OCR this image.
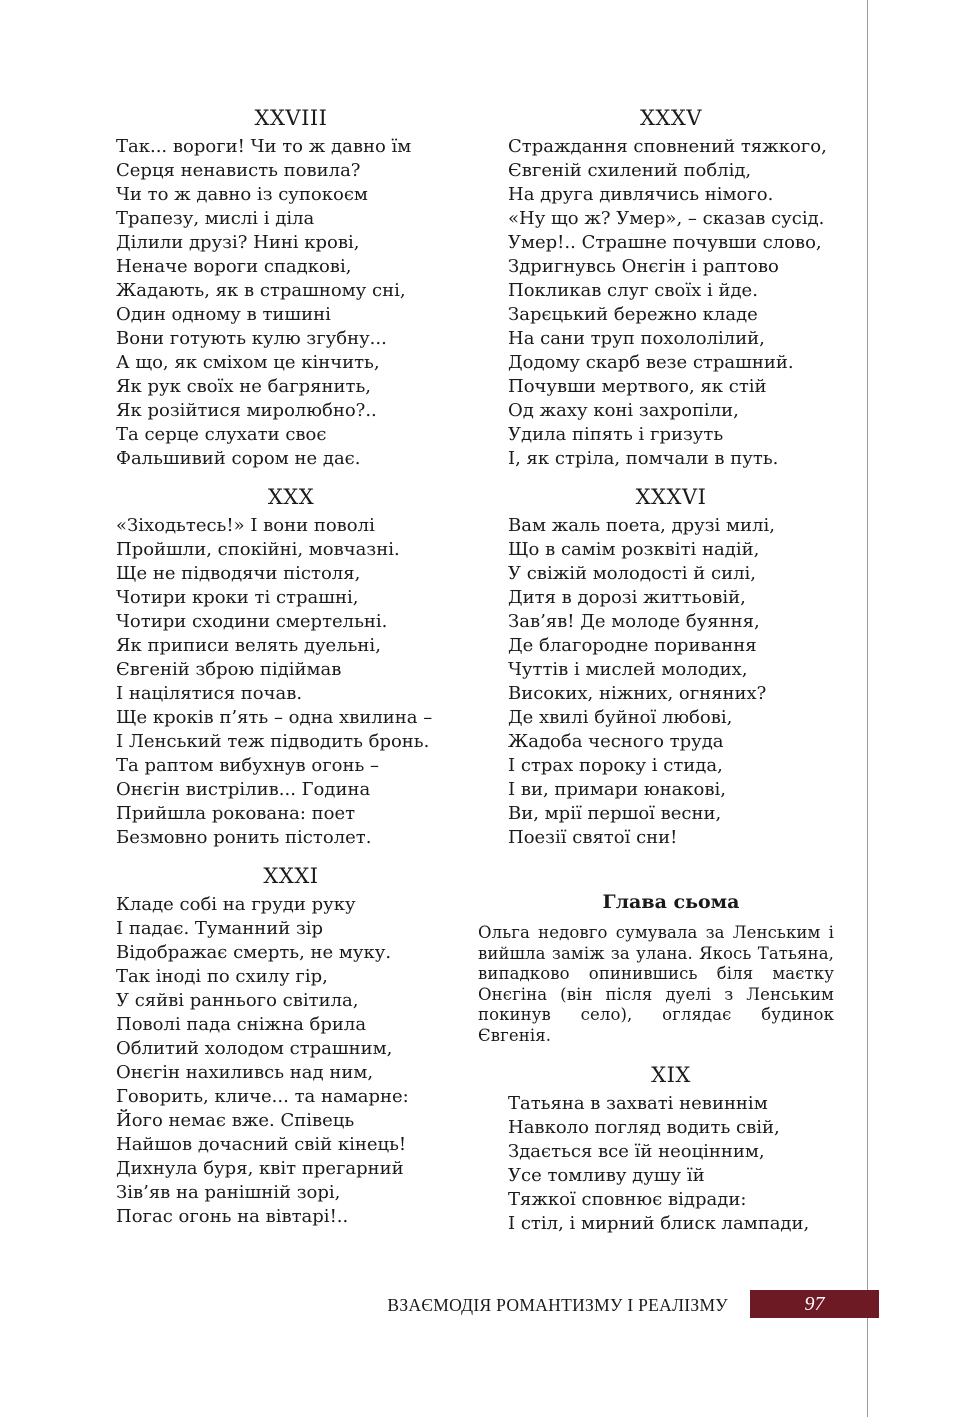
XXVIII
Так... вороги! Чи то ж давно їм
Серця ненависть повила?
Чи то ж давно із супокоєм
Трапезу, мислі і діла
Ділили друзі? Нині крові,
Неначе вороги спадкові,
Жадають, як в страшному сні,
Один одному в тишині
Вони готують кулю згубну...
А що, як сміхом це кінчить,
Як рук своїх не багрянить,
Як розійтися миролюбно?..
Та серце слухати своє
Фальшивий сором не дає.
XXX
«Зіходьтесь!» І вони поволі
Пройшли, спокійні, мовчазні.
Ще не підводячи пістоля,
Чотири кроки ті страшні,
Чотири сходини смертельні.
Як приписи велять дуельні,
Євгеній зброю підіймав
І націлятися почав.
Ще кроків п’ять – одна хвилина –
І Ленський теж підводить бронь.
Та раптом вибухнув огонь –
Онєгін вистрілив... Година
Прийшла рокована: поет
Безмовно ронить пістолет.
XXXI
Кладе собі на груди руку
І падає. Туманний зір
Відображає смерть, не муку.
Так іноді по схилу гір,
У сяйві раннього світила,
Поволі пада сніжна брила
Облитий холодом страшним,
Онєгін нахиливсь над ним,
Говорить, кличе... та намарне:
Його немає вже. Співець
Найшов дочасний свій кінець!
Дихнула буря, квіт прегарний
Зів’яв на ранішній зорі,
Погас огонь на вівтарі!..
XXXV
Страждання сповнений тяжкого,
Євгеній схилений поблід,
На друга дивлячись німого.
«Ну що ж? Умер», – сказав сусід.
Умер!.. Страшне почувши слово,
Здригнувсь Онєгін і раптово
Покликав слуг своїх і йде.
Зарєцький бережно кладе
На сани труп похололілий,
Додому скарб везе страшний.
Почувши мертвого, як стій
Од жаху коні захропіли,
Удила піпять і гризуть
І, як стріла, помчали в путь.
XXXVI
Вам жаль поета, друзі милі,
Що в самім розквіті надій,
У свіжій молодості й силі,
Дитя в дорозі життьовій,
Зав’яв! Де молоде буяння,
Де благородне поривання
Чуттів і мислей молодих,
Високих, ніжних, огняних?
Де хвилі буйної любові,
Жадоба чесного труда
І страх пороку і стида,
І ви, примари юнакові,
Ви, мрії першої весни,
Поезії святої сни!
Глава сьома

Ольга недовго сумувала за Ленським і вийшла заміж за улана. Якось Татьяна, випадково опинившись біля маєтку Онєгіна (він після дуелі з Ленським покинув село), оглядає будинок Євгенія.

XIX
Татьяна в захваті невиннім
Навколо погляд водить свій,
Здається все їй неоцінним,
Усе томливу душу їй
Тяжкої сповнює відради:
І стіл, і мирний блиск лампади,
ВЗАЄМОДІЯ РОМАНТИЗМУ І РЕАЛІЗМУ	97
